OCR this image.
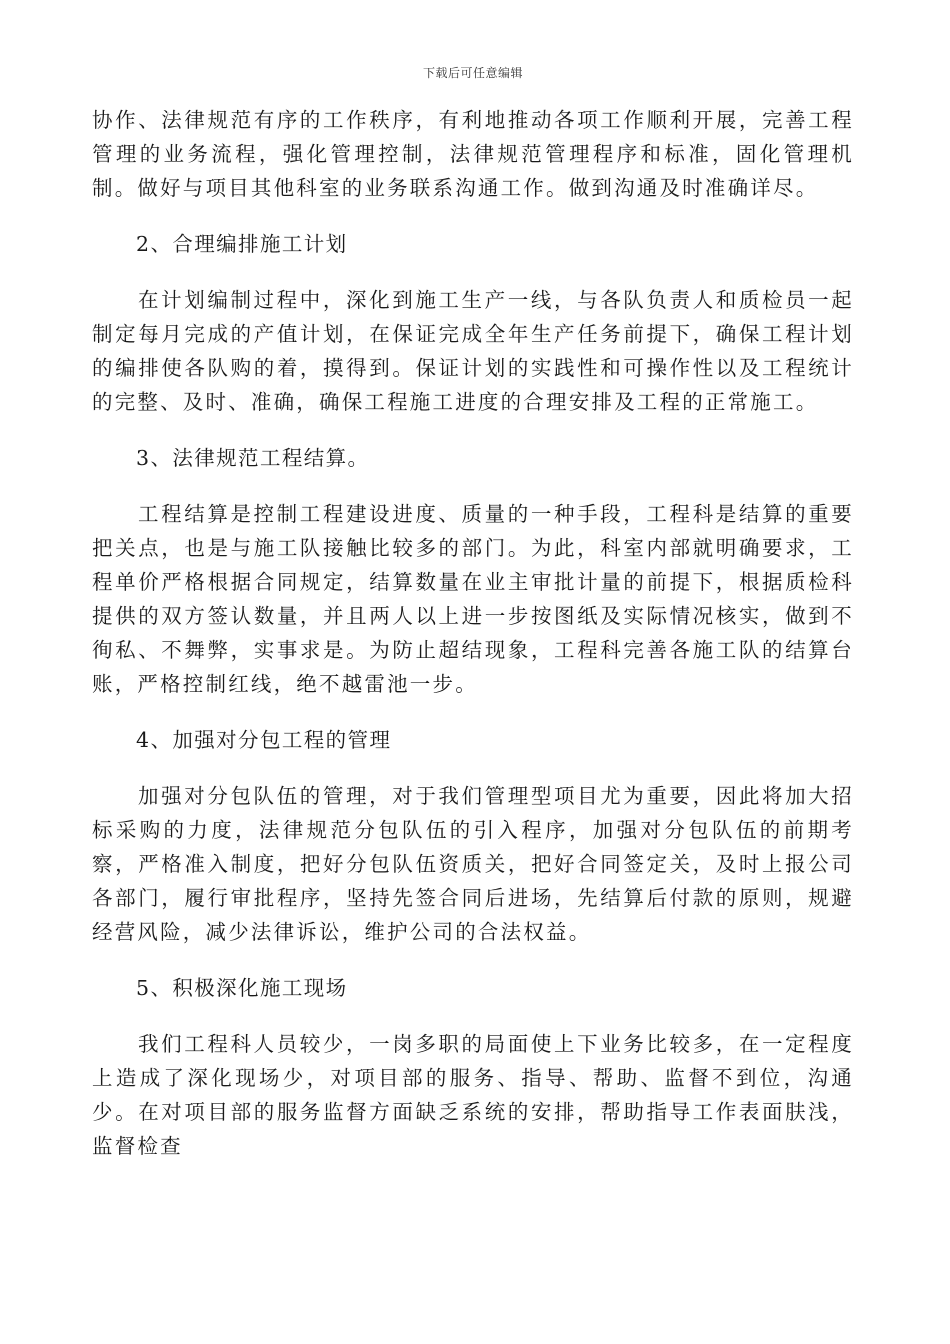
下载后可任意编辑

协作、法律规范有序的工作秩序，有利地推动各项工作顺利开展，完善工程管理的业务流程，强化管理控制，法律规范管理程序和标准，固化管理机制。做好与项目其他科室的业务联系沟通工作。做到沟通及时准确详尽。

2、合理编排施工计划

在计划编制过程中，深化到施工生产一线，与各队负责人和质检员一起制定每月完成的产值计划，在保证完成全年生产任务前提下，确保工程计划的编排使各队购的着，摸得到。保证计划的实践性和可操作性以及工程统计的完整、及时、准确，确保工程施工进度的合理安排及工程的正常施工。

3、法律规范工程结算。

工程结算是控制工程建设进度、质量的一种手段，工程科是结算的重要把关点，也是与施工队接触比较多的部门。为此，科室内部就明确要求，工程单价严格根据合同规定，结算数量在业主审批计量的前提下，根据质检科提供的双方签认数量，并且两人以上进一步按图纸及实际情况核实，做到不徇私、不舞弊，实事求是。为防止超结现象，工程科完善各施工队的结算台账，严格控制红线，绝不越雷池一步。

4、加强对分包工程的管理

加强对分包队伍的管理，对于我们管理型项目尤为重要，因此将加大招标采购的力度，法律规范分包队伍的引入程序，加强对分包队伍的前期考察，严格准入制度，把好分包队伍资质关，把好合同签定关，及时上报公司各部门，履行审批程序，坚持先签合同后进场，先结算后付款的原则，规避经营风险，减少法律诉讼，维护公司的合法权益。

5、积极深化施工现场

我们工程科人员较少，一岗多职的局面使上下业务比较多，在一定程度上造成了深化现场少，对项目部的服务、指导、帮助、监督不到位，沟通少。在对项目部的服务监督方面缺乏系统的安排，帮助指导工作表面肤浅，监督检查
